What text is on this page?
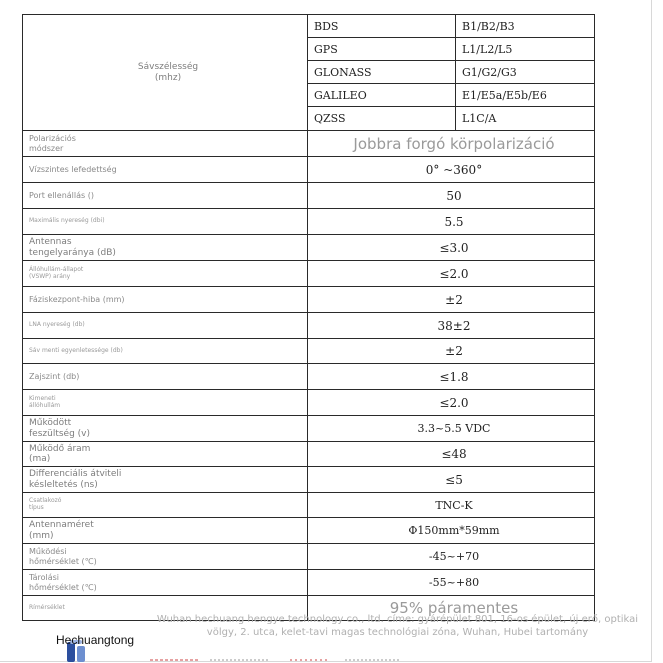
Sávszélesség
(mhz)	BDS	B1/B2/B3
	GPS	L1/L2/L5
	GLONASS	G1/G2/G3
	GALILEO	E1/E5a/E5b/E6
	QZSS	L1C/A
Polarizációs
módszer	Jobbra forgó körpolarizáció	
Vízszintes lefedettség	0° ~360°	
Port ellenállás ()	50	
Maximális nyereség (dbi)	5.5	
Antennas
tengelyaránya (dB)	≤3.0	
Állóhullám-állapot
(VSWP) arány	≤2.0	
Fáziskezpont-hiba (mm)	±2	
LNA nyereség (db)	38±2	
Sáv menti egyenletessége (db)	±2	
Zajszint (db)	≤1.8	
Kimeneti
állóhullám	≤2.0	
Működött
feszültség (v)	3.3~5.5 VDC	
Működő áram
(ma)	≤48	
Differenciális átviteli
késleltetés (ns)	≤5	
Csatlakozó
típus	TNC-K	
Antennaméret
(mm)	Φ150mm*59mm	
Működési
hőmérséklet (℃)	-45~+70	
Tárolási
hőmérséklet (℃)	-55~+80	
Rímérséklet	95% páramentes	
Wuhan hechuang hengye technology co., ltd. címe: gyárépület 801, 16-os épület, új erő, optikai völgy, 2. utca, kelet-tavi magas technológiai zóna, Wuhan, Hubei tartomány
Hechuangtong
